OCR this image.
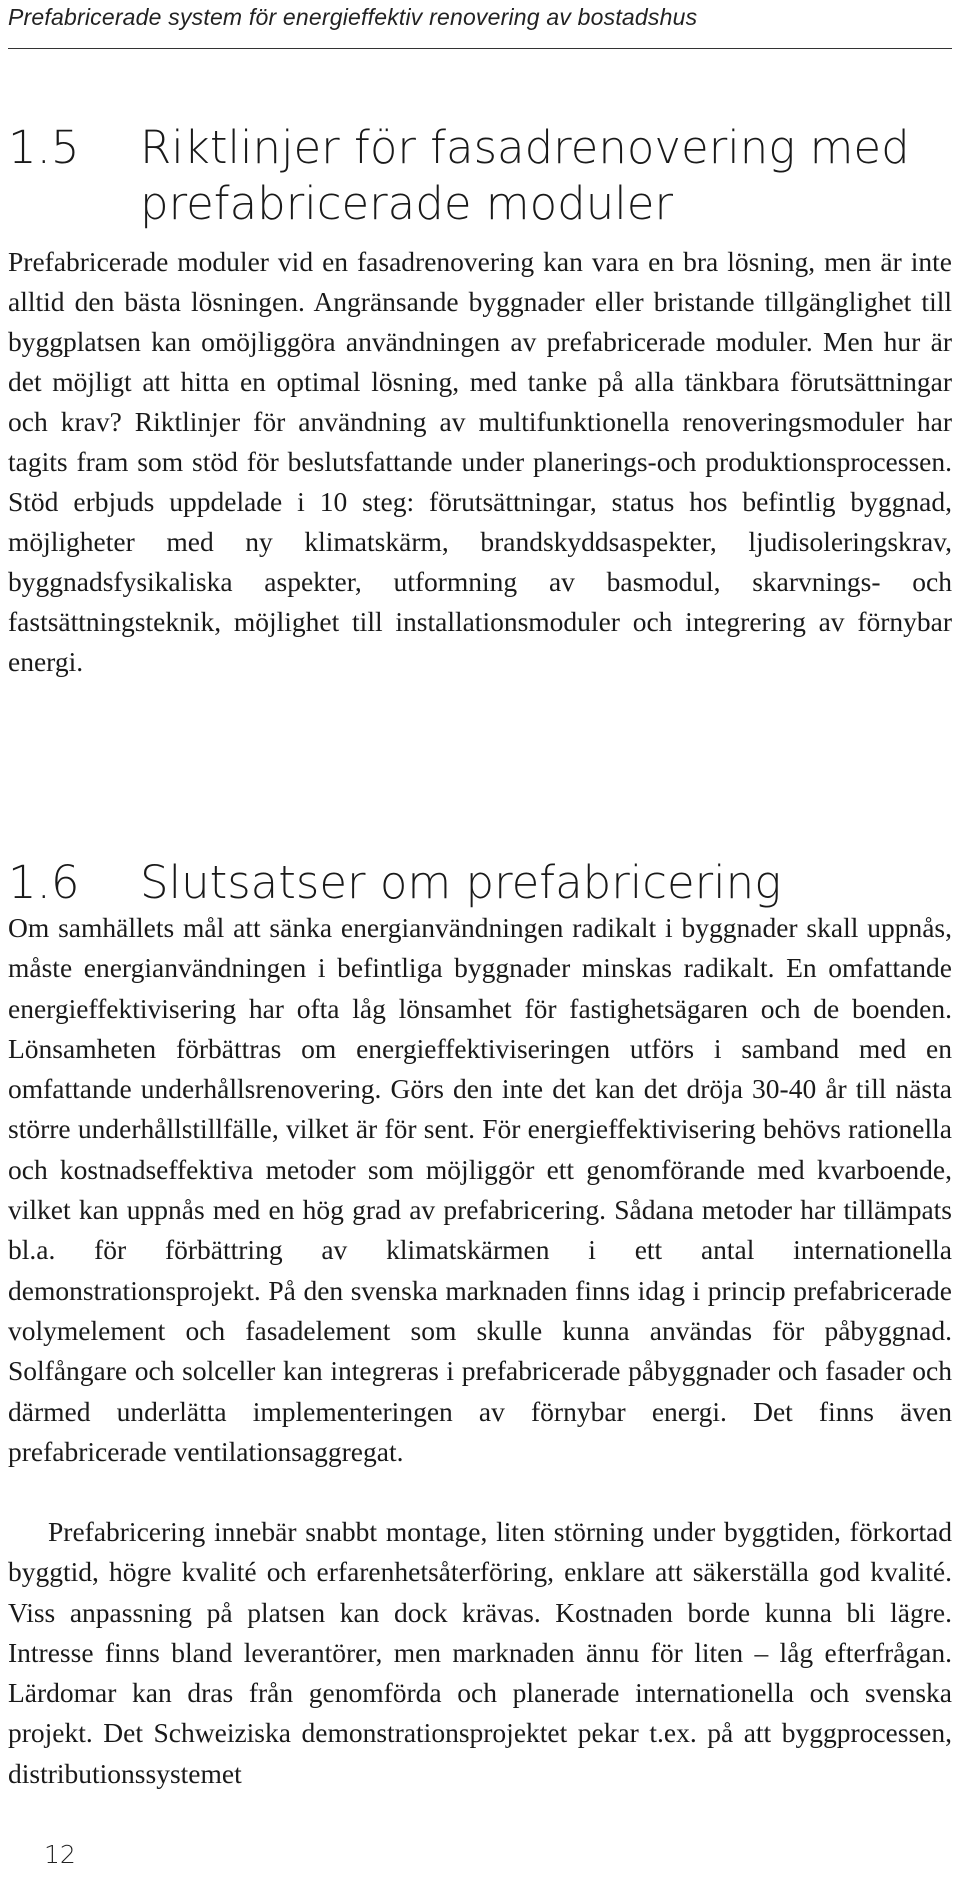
Prefabricerade system för energieffektiv renovering av bostadshus
1.5	Riktlinjer för fasadrenovering med prefabricerade moduler

Prefabricerade moduler vid en fasadrenovering kan vara en bra lösning, men är inte alltid den bästa lösningen. Angränsande byggnader eller bristande tillgänglighet till byggplatsen kan omöjliggöra användningen av prefabricerade moduler. Men hur är det möjligt att hitta en optimal lösning, med tanke på alla tänkbara förutsättningar och krav? Riktlinjer för användning av multifunktionella renoveringsmoduler har tagits fram som stöd för beslutsfattande under planerings-och produktionsprocessen. Stöd erbjuds uppdelade i 10 steg: förutsättningar, status hos befintlig byggnad, möjligheter med ny klimatskärm, brandskyddsaspekter, ljudisoleringskrav, byggnadsfysikaliska aspekter, utformning av basmodul, skarvnings- och fastsättningsteknik, möjlighet till installationsmoduler och integrering av förnybar energi.

1.6	Slutsatser om prefabricering

Om samhällets mål att sänka energianvändningen radikalt i byggnader skall uppnås, måste energianvändningen i befintliga byggnader minskas radikalt. En omfattande energieffektivisering har ofta låg lönsamhet för fastighetsägaren och de boenden. Lönsamheten förbättras om energieffektiviseringen utförs i samband med en omfattande underhållsrenovering. Görs den inte det kan det dröja 30-40 år till nästa större underhållstillfälle, vilket är för sent. För energieffektivisering behövs rationella och kostnadseffektiva metoder som möjliggör ett genomförande med kvarboende, vilket kan uppnås med en hög grad av prefabricering. Sådana metoder har tillämpats bl.a. för förbättring av klimatskärmen i ett antal internationella demonstrationsprojekt. På den svenska marknaden finns idag i princip prefabricerade volymelement och fasadelement som skulle kunna användas för påbyggnad. Solfångare och solceller kan integreras i prefabricerade påbyggnader och fasader och därmed underlätta implementeringen av förnybar energi. Det finns även prefabricerade ventilationsaggregat.

Prefabricering innebär snabbt montage, liten störning under byggtiden, förkortad byggtid, högre kvalité och erfarenhetsåterföring, enklare att säkerställa god kvalité. Viss anpassning på platsen kan dock krävas. Kostnaden borde kunna bli lägre. Intresse finns bland leverantörer, men marknaden ännu för liten – låg efterfrågan. Lärdomar kan dras från genomförda och planerade internationella och svenska projekt. Det Schweiziska demonstrationsprojektet pekar t.ex. på att byggprocessen, distributionssystemet

12
